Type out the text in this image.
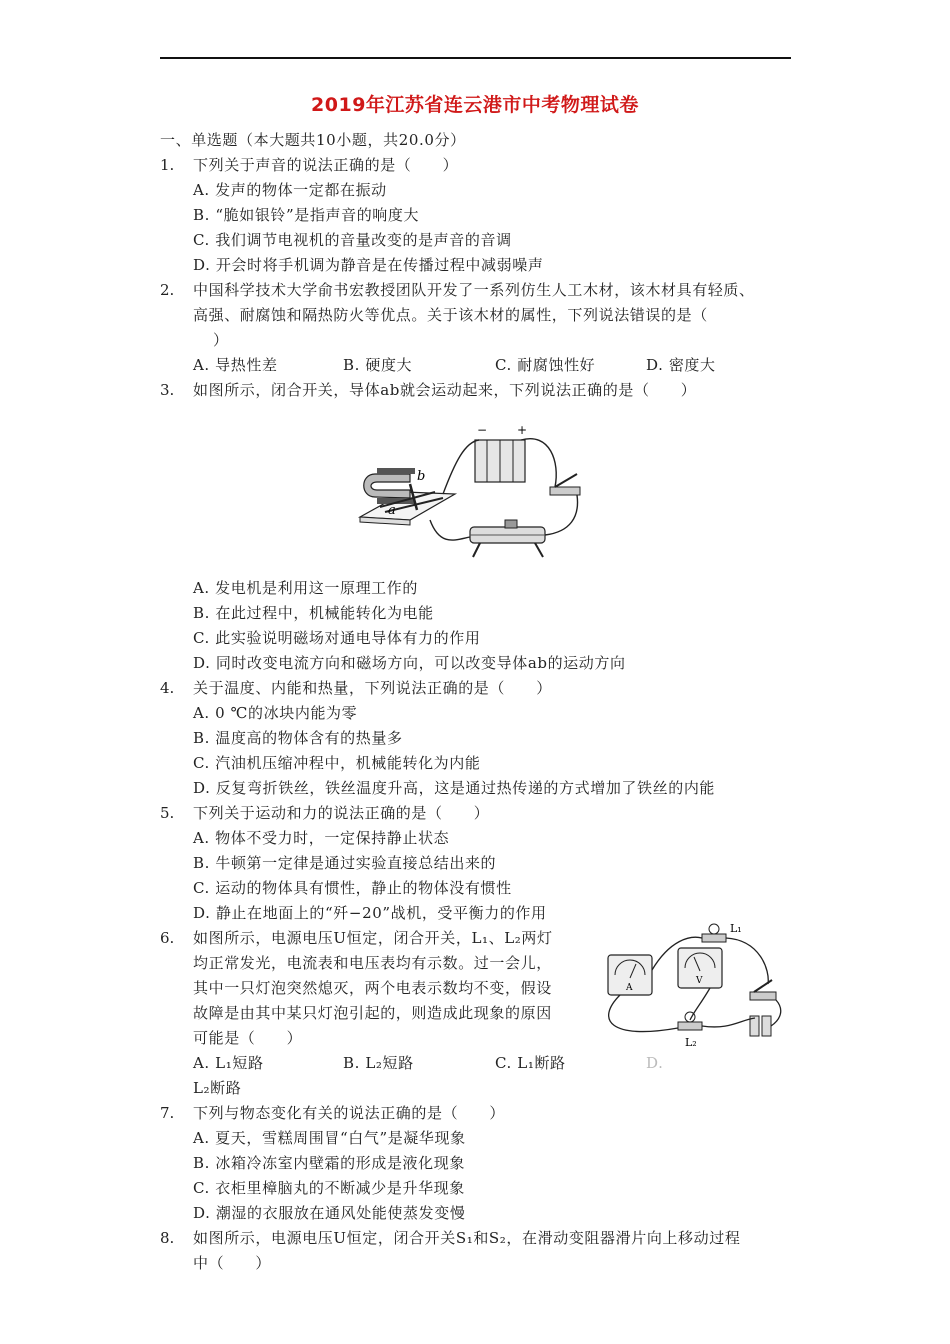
2019年江苏省连云港市中考物理试卷
一、单选题（本大题共10小题，共20.0分）
1. 下列关于声音的说法正确的是（　　）
A. 发声的物体一定都在振动
B. “脆如银铃”是指声音的响度大
C. 我们调节电视机的音量改变的是声音的音调
D. 开会时将手机调为静音是在传播过程中减弱噪声
2. 中国科学技术大学俞书宏教授团队开发了一系列仿生人工木材，该木材具有轻质、
高强、耐腐蚀和隔热防火等优点。关于该木材的属性，下列说法错误的是（
）
A. 导热性差	B. 硬度大	C. 耐腐蚀性好	D. 密度大
3. 如图所示，闭合开关，导体ab就会运动起来，下列说法正确的是（　　）
b
a
− +
A. 发电机是利用这一原理工作的
B. 在此过程中，机械能转化为电能
C. 此实验说明磁场对通电导体有力的作用
D. 同时改变电流方向和磁场方向，可以改变导体ab的运动方向
4. 关于温度、内能和热量，下列说法正确的是（　　）
A. 0 ℃的冰块内能为零
B. 温度高的物体含有的热量多
C. 汽油机压缩冲程中，机械能转化为内能
D. 反复弯折铁丝，铁丝温度升高，这是通过热传递的方式增加了铁丝的内能
5. 下列关于运动和力的说法正确的是（　　）
A. 物体不受力时，一定保持静止状态
B. 牛顿第一定律是通过实验直接总结出来的
C. 运动的物体具有惯性，静止的物体没有惯性
D. 静止在地面上的“歼−20”战机，受平衡力的作用
6. 如图所示，电源电压U恒定，闭合开关，L₁、L₂两灯
均正常发光，电流表和电压表均有示数。过一会儿，
其中一只灯泡突然熄灭，两个电表示数均不变，假设
故障是由其中某只灯泡引起的，则造成此现象的原因
可能是（　　）
A. L₁短路	B. L₂短路	C. L₁断路	D.
L₂断路
A
V
L₁
L₂
7. 下列与物态变化有关的说法正确的是（　　）
A. 夏天，雪糕周围冒“白气”是凝华现象
B. 冰箱冷冻室内壁霜的形成是液化现象
C. 衣柜里樟脑丸的不断减少是升华现象
D. 潮湿的衣服放在通风处能使蒸发变慢
8. 如图所示，电源电压U恒定，闭合开关S₁和S₂，在滑动变阻器滑片向上移动过程
中（　　）
